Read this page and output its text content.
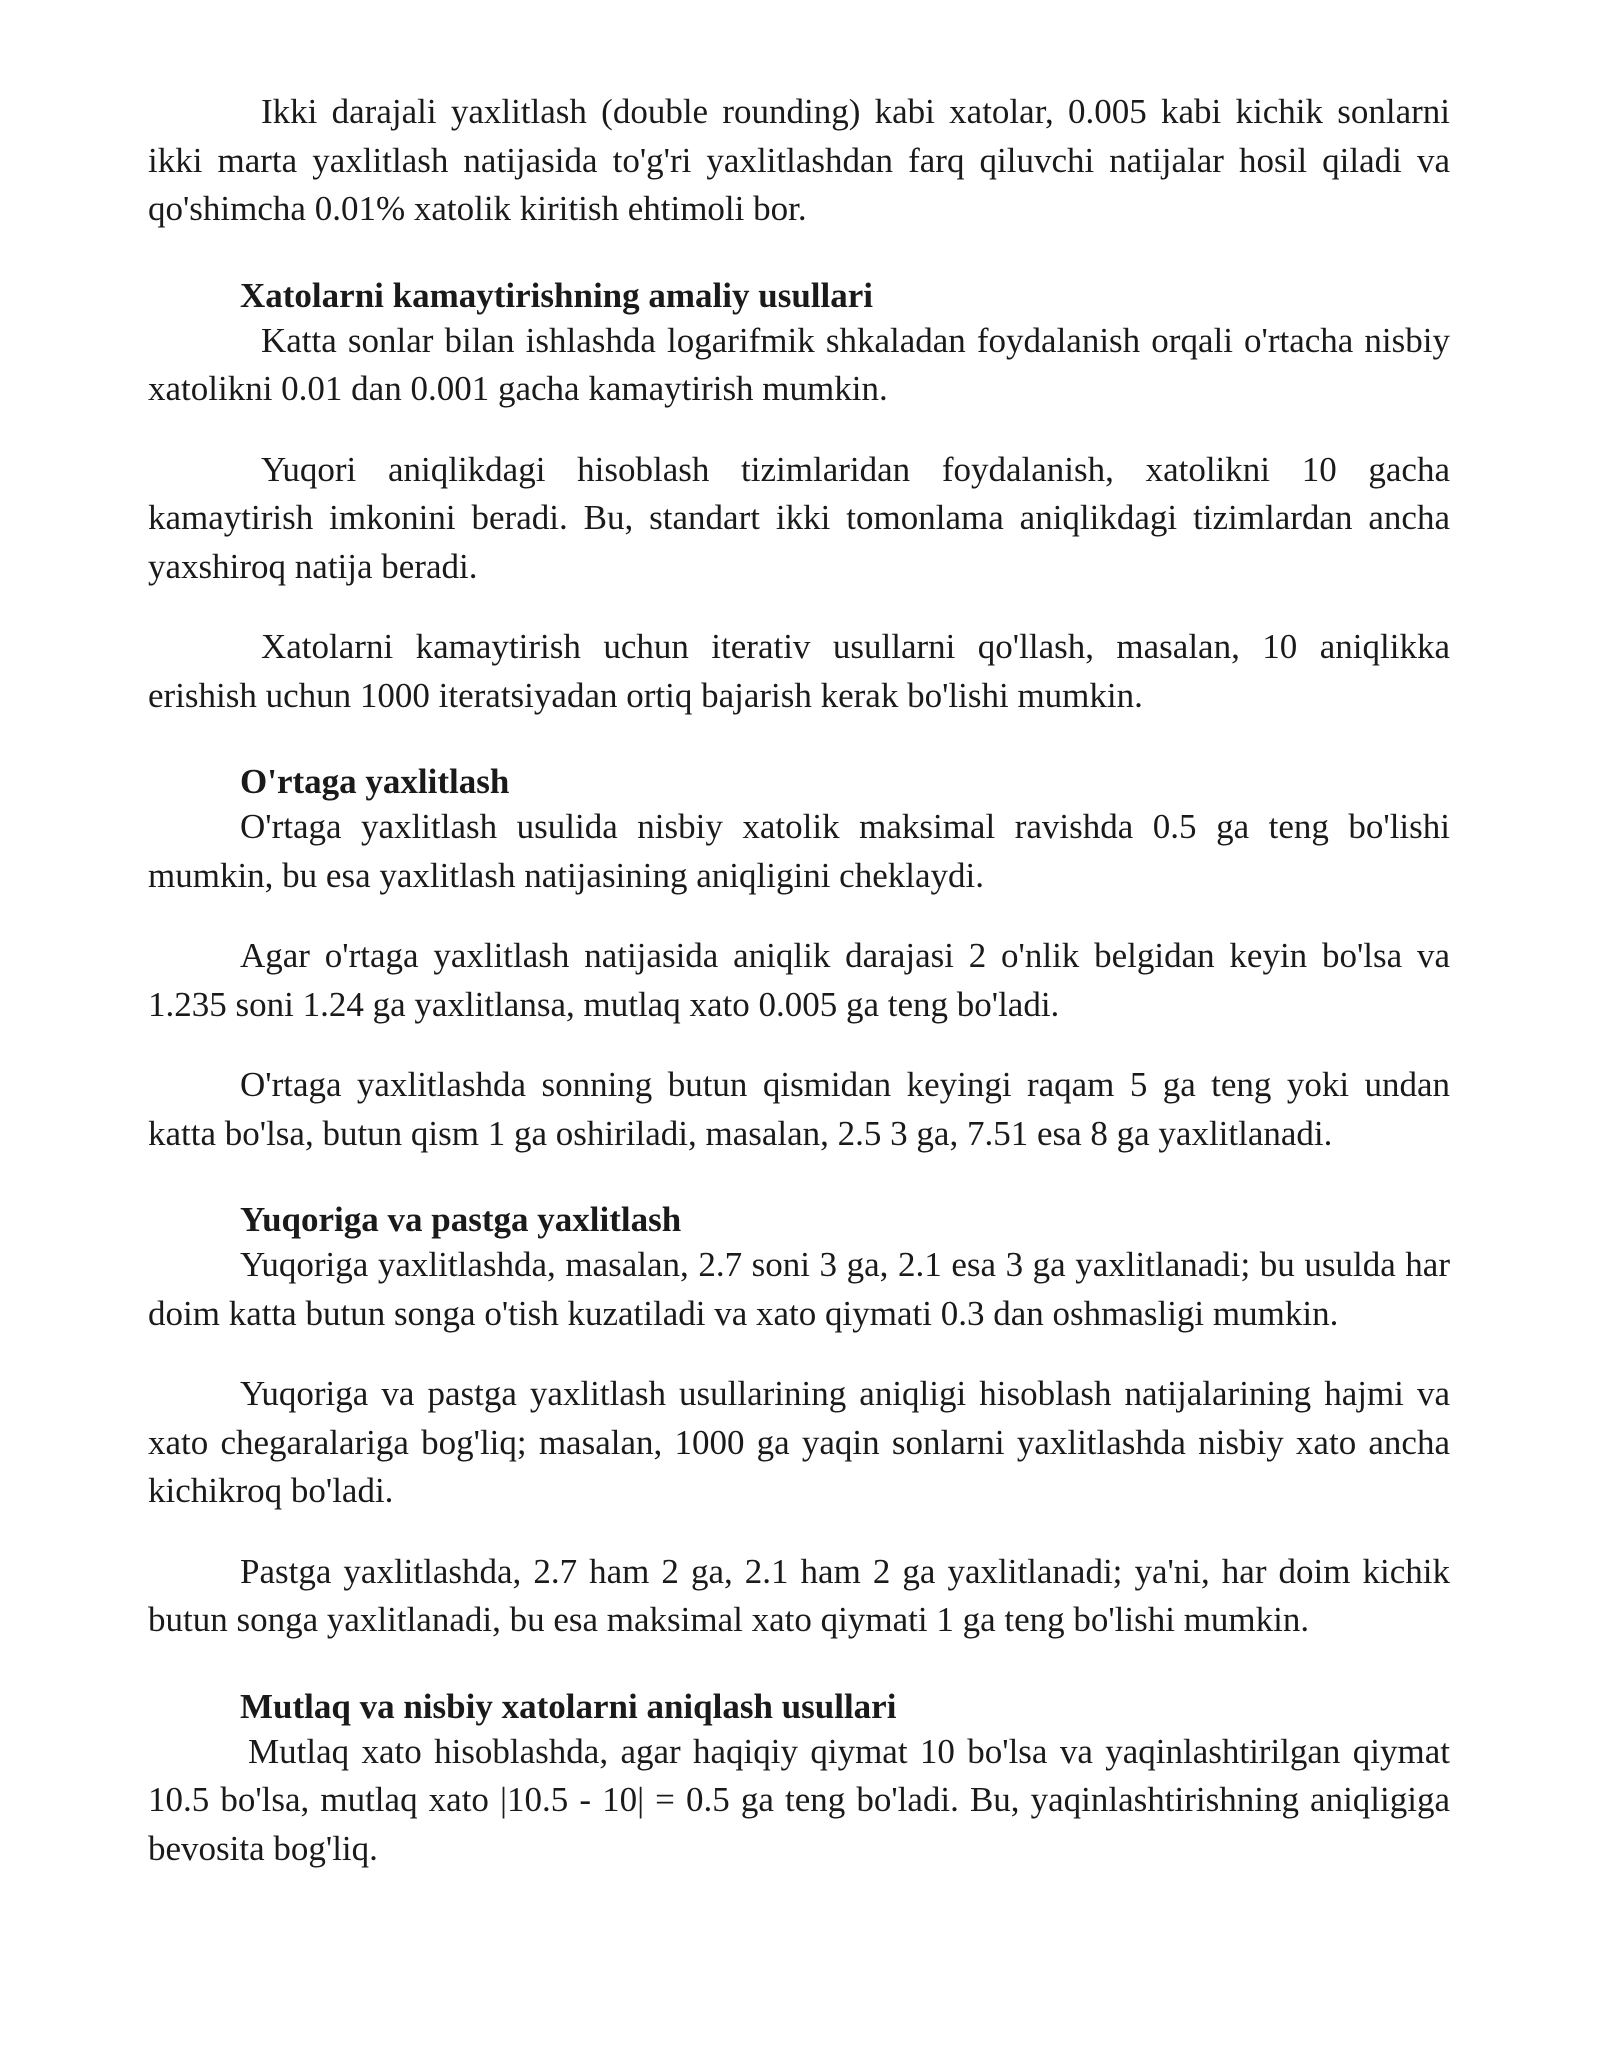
Ikki darajali yaxlitlash (double rounding) kabi xatolar, 0.005 kabi kichik sonlarni ikki marta yaxlitlash natijasida to'g'ri yaxlitlashdan farq qiluvchi natijalar hosil qiladi va qo'shimcha 0.01% xatolik kiritish ehtimoli bor.

Xatolarni kamaytirishning amaliy usullari

Katta sonlar bilan ishlashda logarifmik shkaladan foydalanish orqali o'rtacha nisbiy xatolikni 0.01 dan 0.001 gacha kamaytirish mumkin.

Yuqori aniqlikdagi hisoblash tizimlaridan foydalanish, xatolikni 10 gacha kamaytirish imkonini beradi. Bu, standart ikki tomonlama aniqlikdagi tizimlardan ancha yaxshiroq natija beradi.

Xatolarni kamaytirish uchun iterativ usullarni qo'llash, masalan, 10 aniqlikka erishish uchun 1000 iteratsiyadan ortiq bajarish kerak bo'lishi mumkin.

O'rtaga yaxlitlash

O'rtaga yaxlitlash usulida nisbiy xatolik maksimal ravishda 0.5 ga teng bo'lishi mumkin, bu esa yaxlitlash natijasining aniqligini cheklaydi.

Agar o'rtaga yaxlitlash natijasida aniqlik darajasi 2 o'nlik belgidan keyin bo'lsa va 1.235 soni 1.24 ga yaxlitlansa, mutlaq xato 0.005 ga teng bo'ladi.

O'rtaga yaxlitlashda sonning butun qismidan keyingi raqam 5 ga teng yoki undan katta bo'lsa, butun qism 1 ga oshiriladi, masalan, 2.5 3 ga, 7.51 esa 8 ga yaxlitlanadi.

Yuqoriga va pastga yaxlitlash

Yuqoriga yaxlitlashda, masalan, 2.7 soni 3 ga, 2.1 esa 3 ga yaxlitlanadi; bu usulda har doim katta butun songa o'tish kuzatiladi va xato qiymati 0.3 dan oshmasligi mumkin.

Yuqoriga va pastga yaxlitlash usullarining aniqligi hisoblash natijalarining hajmi va xato chegaralariga bog'liq; masalan, 1000 ga yaqin sonlarni yaxlitlashda nisbiy xato ancha kichikroq bo'ladi.

Pastga yaxlitlashda, 2.7 ham 2 ga, 2.1 ham 2 ga yaxlitlanadi; ya'ni, har doim kichik butun songa yaxlitlanadi, bu esa maksimal xato qiymati 1 ga teng bo'lishi mumkin.

Mutlaq va nisbiy xatolarni aniqlash usullari

Mutlaq xato hisoblashda, agar haqiqiy qiymat 10 bo'lsa va yaqinlashtirilgan qiymat 10.5 bo'lsa, mutlaq xato |10.5 - 10| = 0.5 ga teng bo'ladi. Bu, yaqinlashtirishning aniqligiga bevosita bog'liq.
